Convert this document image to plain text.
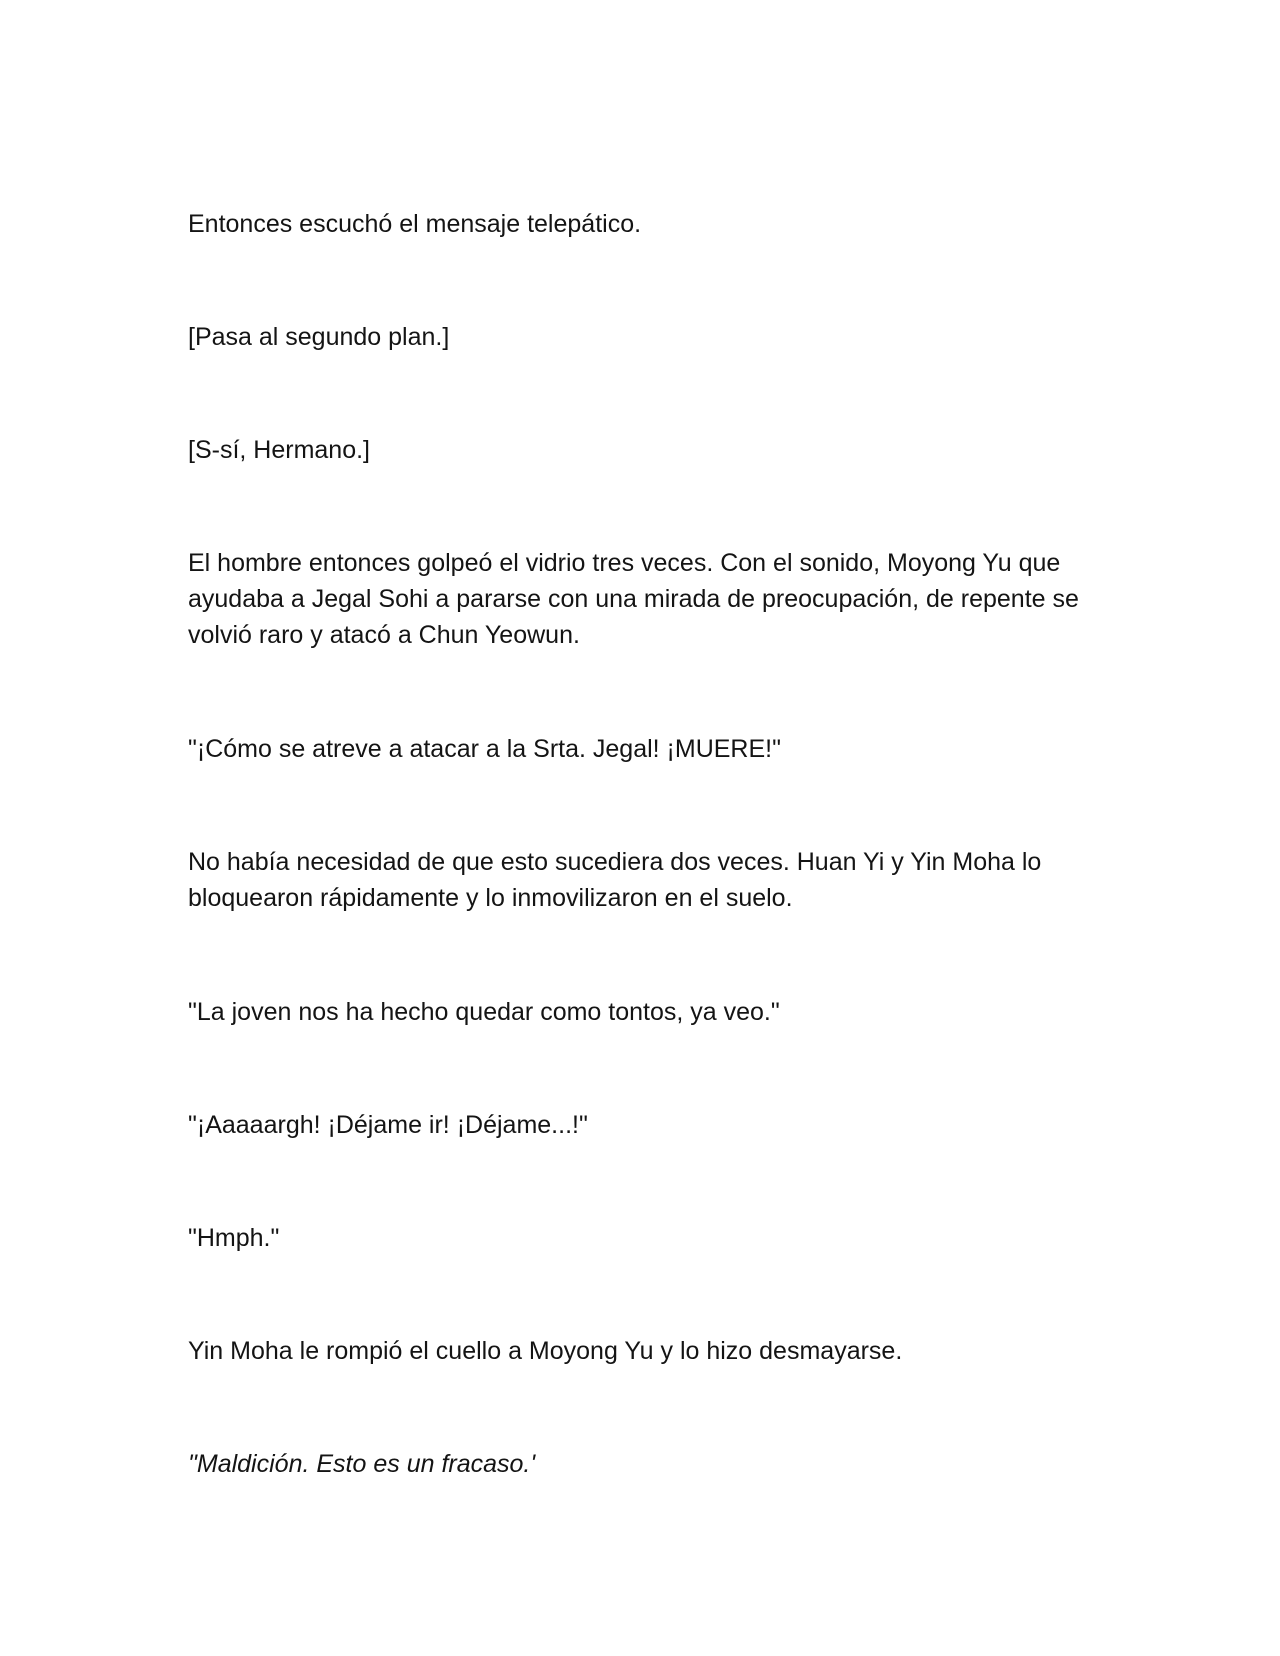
Entonces escuchó el mensaje telepático.

[Pasa al segundo plan.]

[S-sí, Hermano.]

El hombre entonces golpeó el vidrio tres veces. Con el sonido, Moyong Yu que ayudaba a Jegal Sohi a pararse con una mirada de preocupación, de repente se volvió raro y atacó a Chun Yeowun.

"¡Cómo se atreve a atacar a la Srta. Jegal! ¡MUERE!"

No había necesidad de que esto sucediera dos veces. Huan Yi y Yin Moha lo bloquearon rápidamente y lo inmovilizaron en el suelo.

"La joven nos ha hecho quedar como tontos, ya veo."

"¡Aaaaargh! ¡Déjame ir! ¡Déjame...!"

"Hmph."

Yin Moha le rompió el cuello a Moyong Yu y lo hizo desmayarse.

"Maldición. Esto es un fracaso.'
